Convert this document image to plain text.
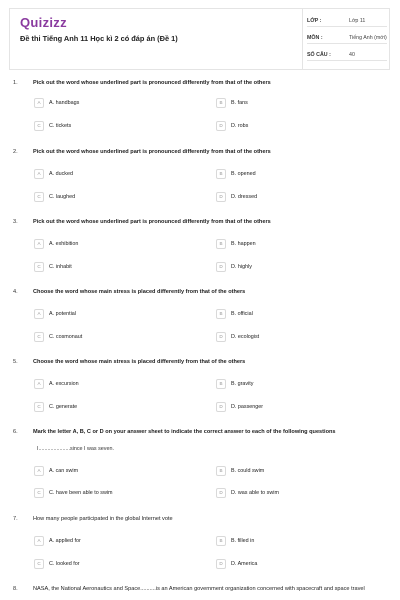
Quizizz
Đề thi Tiếng Anh 11 Học kì 2 có đáp án (Đề 1)
LỚP :	Lớp 11
MÔN :	Tiếng Anh (mới)
SỐ CÂU :	40
1.	Pick out the word whose underlined part is pronounced differently from that of the others
A	A. handbags	B	B. fans
C	C. tickets	D	D. robs
2.	Pick out the word whose underlined part is pronounced differently from that of the others
A	A. ducked	B	B. opened
C	C. laughed	D	D. dressed
3.	Pick out the word whose underlined part is pronounced differently from that of the others
A	A. exhibition	B	B. happen
C	C. inhabit	D	D. highly
4.	Choose the word whose main stress is placed differently from that of the others
A	A. potential	B	B. official
C	C. cosmonaut	D	D. ecologist
5.	Choose the word whose main stress is placed differently from that of the others
A	A. excursion	B	B. gravity
C	C. generate	D	D. passenger
6.	Mark the letter A, B, C or D on your answer sheet to indicate the correct answer to each of the following questions
I.....................since I was seven.
A	A. can swim	B	B. could swim
C	C. have been able to swim	D	D. was able to swim
7.	How many people participated in the global Internet vote
A	A. applied for	B	B. filled in
C	C. looked for	D	D. America
8.	NASA, the National Aeronautics and Space..........is an American government organization concerned with spacecraft and space travel
